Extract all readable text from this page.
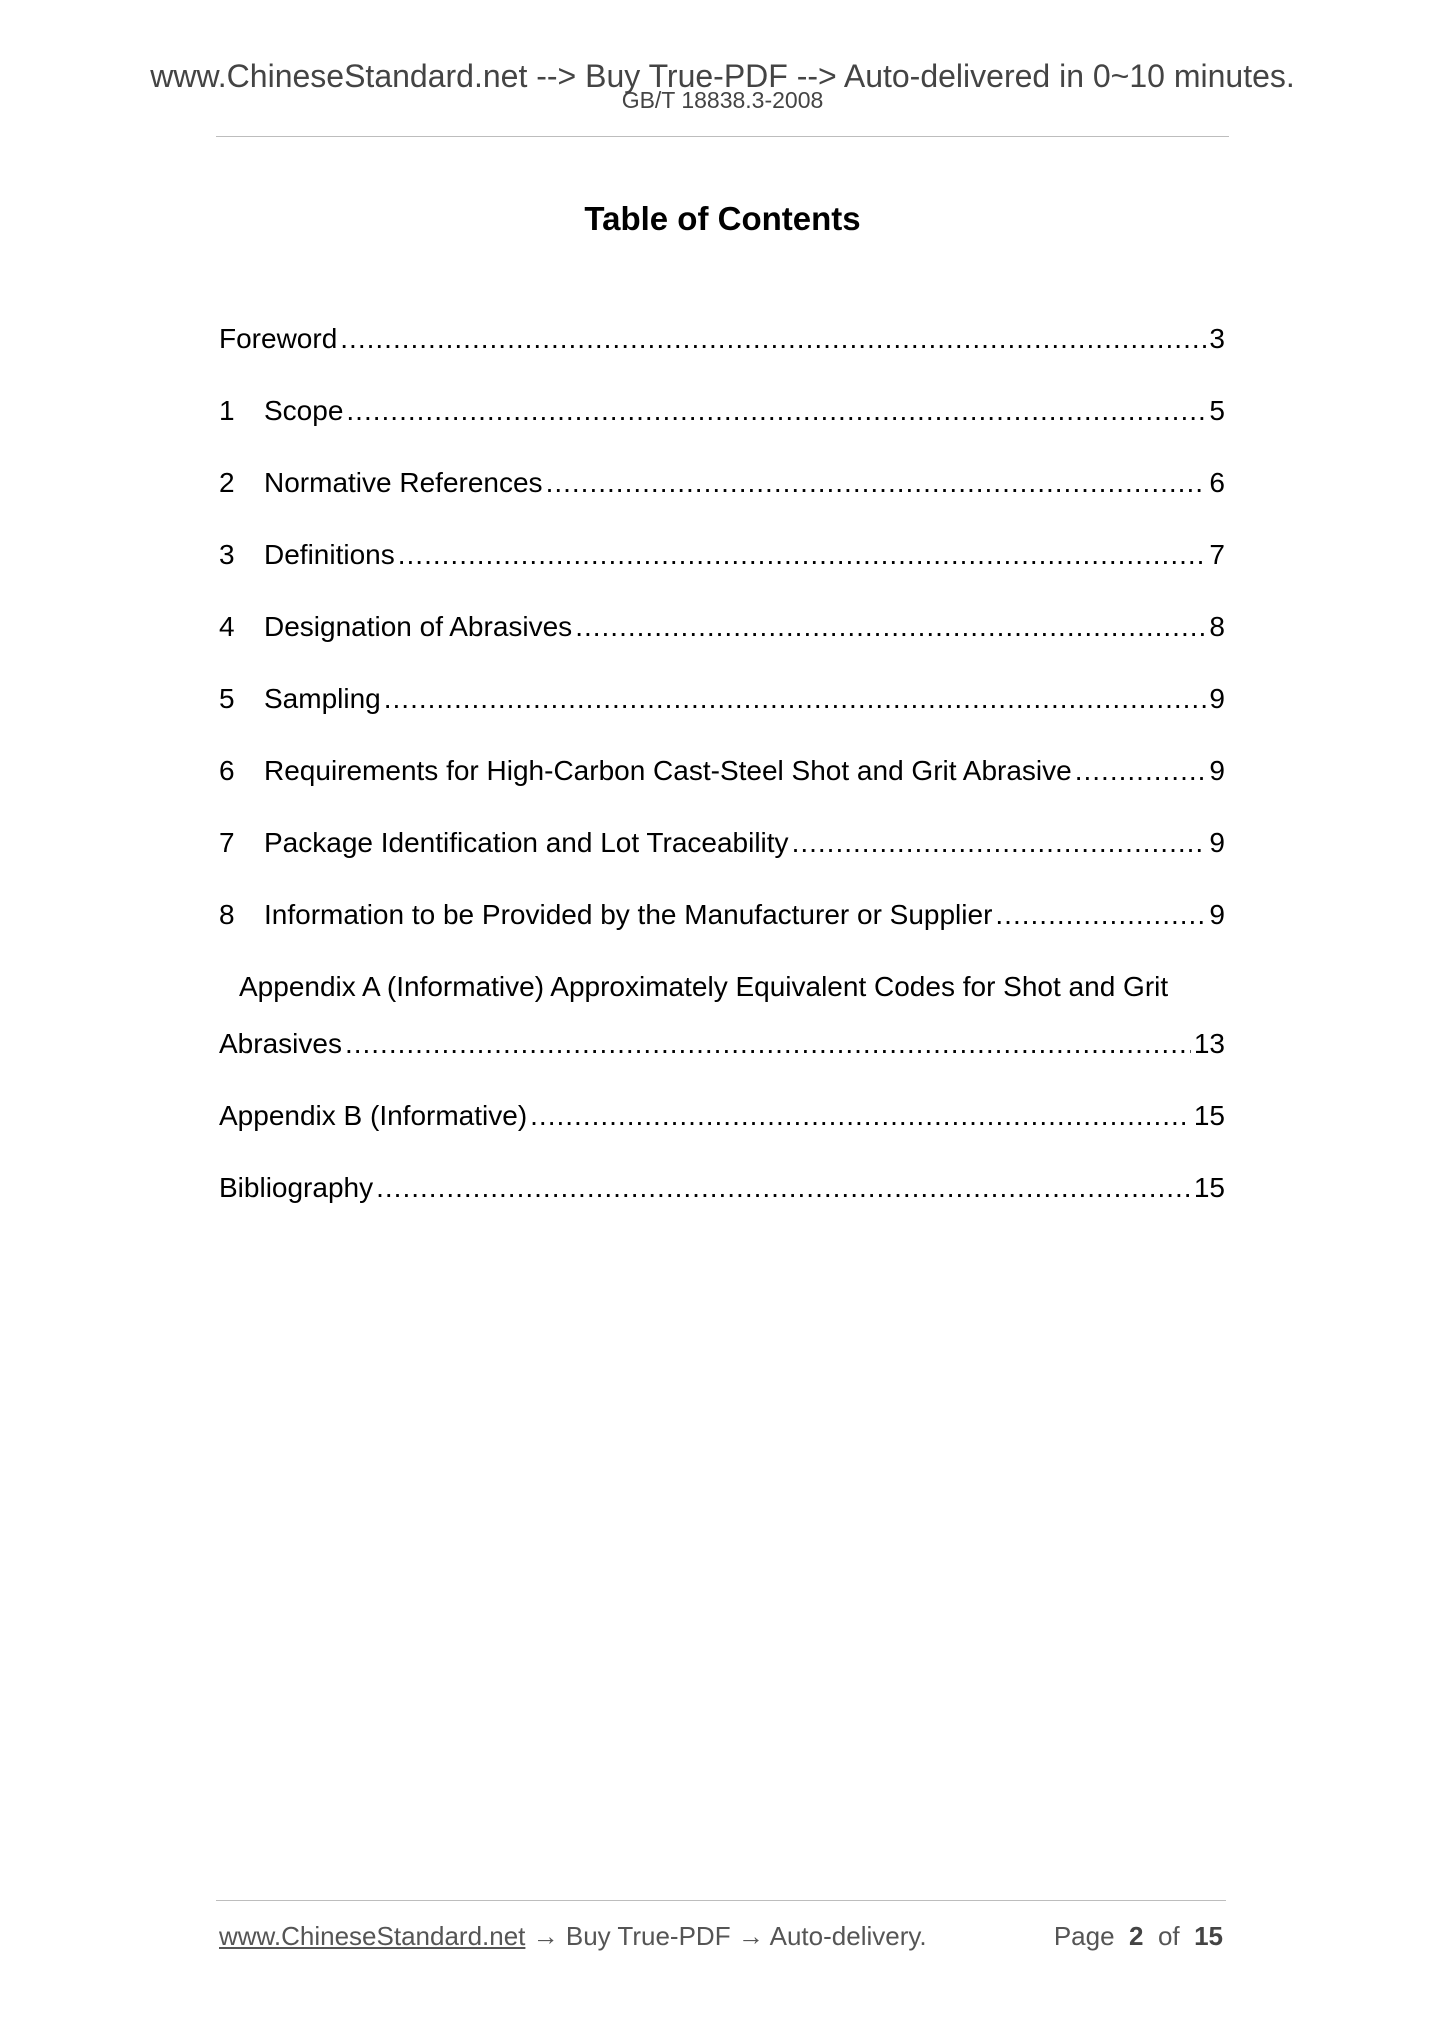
www.ChineseStandard.net --> Buy True-PDF --> Auto-delivered in 0~10 minutes.
GB/T 18838.3-2008
Table of Contents
Foreword .....	3
1	Scope .....	5
2	Normative References .....	6
3	Definitions .....	7
4	Designation of Abrasives .....	8
5	Sampling .....	9
6	Requirements for High-Carbon Cast-Steel Shot and Grit Abrasive .....	9
7	Package Identification and Lot Traceability .....	9
8	Information to be Provided by the Manufacturer or Supplier .....	9
Appendix A (Informative) Approximately Equivalent Codes for Shot and Grit
Abrasives .....	13
Appendix B (Informative) .....	15
Bibliography .....	15
www.ChineseStandard.net → Buy True-PDF → Auto-delivery.	Page 2 of 15
